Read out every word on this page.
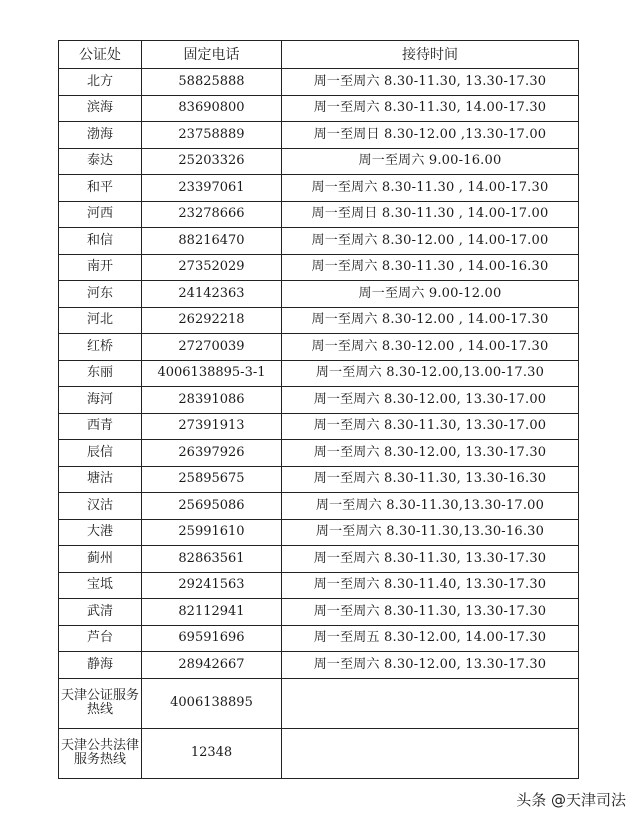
公证处	固定电话	接待时间
北方	58825888	周一至周六 8.30-11.30, 13.30-17.30
滨海	83690800	周一至周六 8.30-11.30, 14.00-17.30
渤海	23758889	周一至周日 8.30-12.00 ,13.30-17.00
泰达	25203326	周一至周六 9.00-16.00
和平	23397061	周一至周六 8.30-11.30 , 14.00-17.30
河西	23278666	周一至周日 8.30-11.30 , 14.00-17.00
和信	88216470	周一至周六 8.30-12.00 , 14.00-17.00
南开	27352029	周一至周六 8.30-11.30 , 14.00-16.30
河东	24142363	周一至周六 9.00-12.00
河北	26292218	周一至周六 8.30-12.00 , 14.00-17.30
红桥	27270039	周一至周六 8.30-12.00 , 14.00-17.30
东丽	4006138895-3-1	周一至周六 8.30-12.00,13.00-17.30
海河	28391086	周一至周六 8.30-12.00, 13.30-17.00
西青	27391913	周一至周六 8.30-11.30, 13.30-17.00
辰信	26397926	周一至周六 8.30-12.00, 13.30-17.30
塘沽	25895675	周一至周六 8.30-11.30, 13.30-16.30
汉沽	25695086	周一至周六 8.30-11.30,13.30-17.00
大港	25991610	周一至周六 8.30-11.30,13.30-16.30
蓟州	82863561	周一至周六 8.30-11.30, 13.30-17.30
宝坻	29241563	周一至周六 8.30-11.40, 13.30-17.30
武清	82112941	周一至周六 8.30-11.30, 13.30-17.30
芦台	69591696	周一至周五 8.30-12.00, 14.00-17.30
静海	28942667	周一至周六 8.30-12.00, 13.30-17.30
天津公证服务热线	4006138895	
天津公共法律服务热线	12348	
头条 @天津司法
